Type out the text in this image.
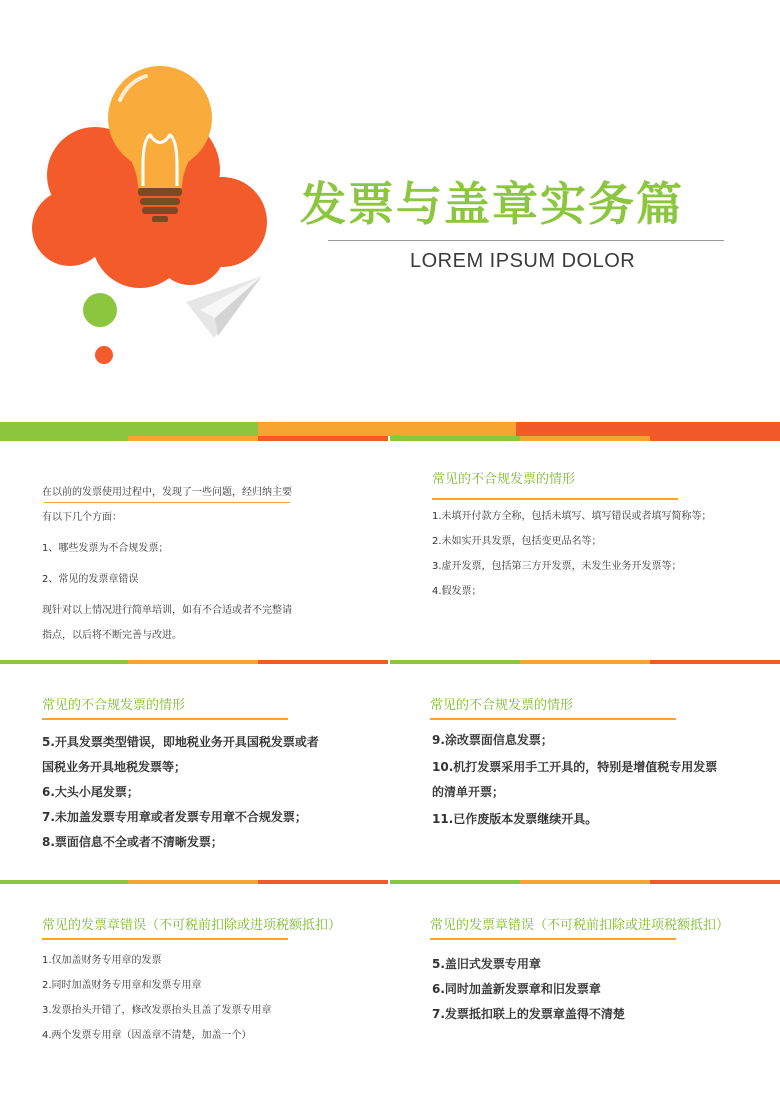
发票与盖章实务篇
LOREM IPSUM DOLOR

在以前的发票使用过程中，发现了一些问题，经归纳主要

有以下几个方面：

1、哪些发票为不合规发票；

2、常见的发票章错误

现针对以上情况进行简单培训，如有不合适或者不完整请

指点，以后将不断完善与改进。

常见的不合规发票的情形
1.未填开付款方全称，包括未填写、填写错误或者填写简称等；
2.未如实开具发票，包括变更品名等；
3.虚开发票，包括第三方开发票，未发生业务开发票等；
4.假发票；
常见的不合规发票的情形
5.开具发票类型错误，即地税业务开具国税发票或者
国税业务开具地税发票等；
6.大头小尾发票；
7.未加盖发票专用章或者发票专用章不合规发票；
8.票面信息不全或者不清晰发票；
常见的不合规发票的情形
9.涂改票面信息发票；
10.机打发票采用手工开具的，特别是增值税专用发票
的清单开票；
11.已作废版本发票继续开具。
常见的发票章错误（不可税前扣除或进项税额抵扣）
1.仅加盖财务专用章的发票
2.同时加盖财务专用章和发票专用章
3.发票抬头开错了，修改发票抬头且盖了发票专用章
4.两个发票专用章（因盖章不清楚，加盖一个）
常见的发票章错误（不可税前扣除或进项税额抵扣）
5.盖旧式发票专用章
6.同时加盖新发票章和旧发票章
7.发票抵扣联上的发票章盖得不清楚
